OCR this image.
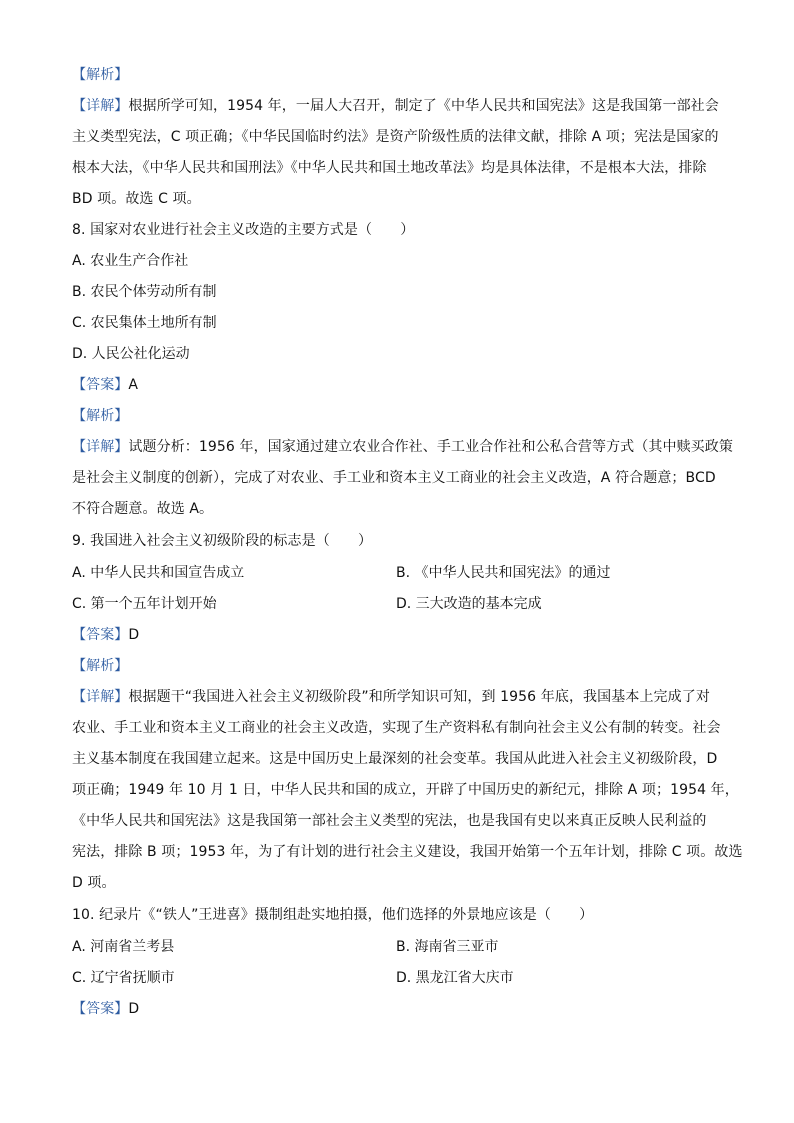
【解析】
【详解】根据所学可知，1954 年，一届人大召开，制定了《中华人民共和国宪法》这是我国第一部社会
主义类型宪法，C 项正确；《中华民国临时约法》是资产阶级性质的法律文献，排除 A 项；宪法是国家的
根本大法，《中华人民共和国刑法》《中华人民共和国土地改革法》均是具体法律，不是根本大法，排除
BD 项。故选 C 项。
8. 国家对农业进行社会主义改造的主要方式是（　　）
A. 农业生产合作社
B. 农民个体劳动所有制
C. 农民集体土地所有制
D. 人民公社化运动
【答案】A
【解析】
【详解】试题分析：1956 年，国家通过建立农业合作社、手工业合作社和公私合营等方式（其中赎买政策
是社会主义制度的创新），完成了对农业、手工业和资本主义工商业的社会主义改造，A 符合题意；BCD
不符合题意。故选 A。
9. 我国进入社会主义初级阶段的标志是（　　）
A. 中华人民共和国宣告成立	B. 《中华人民共和国宪法》的通过
C. 第一个五年计划开始	D. 三大改造的基本完成
【答案】D
【解析】
【详解】根据题干“我国进入社会主义初级阶段”和所学知识可知，到 1956 年底，我国基本上完成了对
农业、手工业和资本主义工商业的社会主义改造，实现了生产资料私有制向社会主义公有制的转变。社会
主义基本制度在我国建立起来。这是中国历史上最深刻的社会变革。我国从此进入社会主义初级阶段，D
项正确；1949 年 10 月 1 日，中华人民共和国的成立，开辟了中国历史的新纪元，排除 A 项；1954 年，
《中华人民共和国宪法》这是我国第一部社会主义类型的宪法，也是我国有史以来真正反映人民利益的
宪法，排除 B 项；1953 年，为了有计划的进行社会主义建设，我国开始第一个五年计划，排除 C 项。故选
D 项。
10. 纪录片《“铁人”王进喜》摄制组赴实地拍摄，他们选择的外景地应该是（　　）
A. 河南省兰考县	B. 海南省三亚市
C. 辽宁省抚顺市	D. 黑龙江省大庆市
【答案】D
